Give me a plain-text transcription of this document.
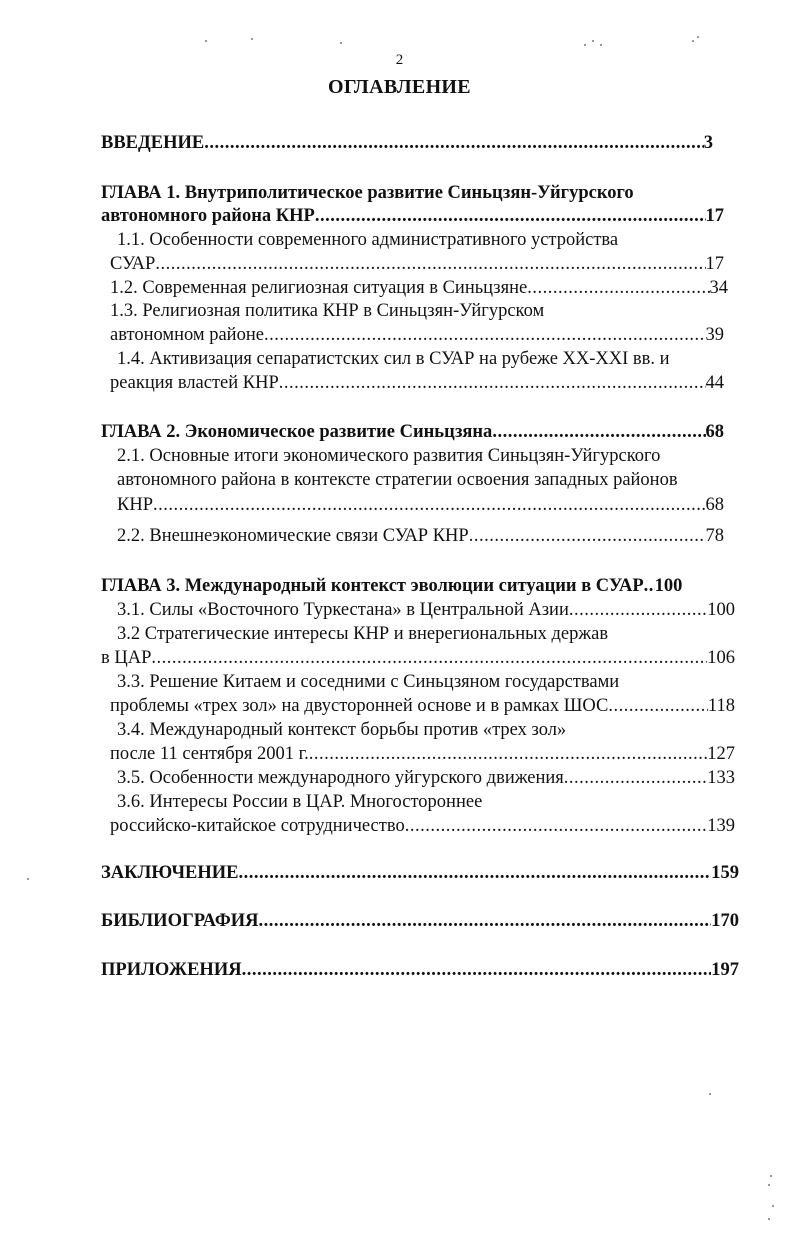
2
ОГЛАВЛЕНИЕ
ВВЕДЕНИЕ .....	3
ГЛАВА 1. Внутриполитическое развитие Синьцзян-Уйгурского
автономного района КНР .....	17
1.1. Особенности современного административного устройства
СУАР .....	17
1.2. Современная религиозная ситуация в Синьцзяне .....	34
1.3. Религиозная политика КНР в Синьцзян-Уйгурском
автономном районе .....	39
1.4. Активизация сепаратистских сил в СУАР на рубеже XX-XXI вв. и
реакция властей КНР .....	44
ГЛАВА 2. Экономическое развитие Синьцзяна .....	68
2.1. Основные итоги экономического развития Синьцзян-Уйгурского
автономного района в контексте стратегии освоения западных районов
КНР .....	68
2.2. Внешнеэкономические связи СУАР КНР .....	78
ГЛАВА 3. Международный контекст эволюции ситуации в СУАР ..... 100
3.1. Силы «Восточного Туркестана» в Центральной Азии .....	100
3.2 Стратегические интересы КНР и внерегиональных держав
в ЦАР .....	106
3.3. Решение Китаем и соседними с Синьцзяном государствами
проблемы «трех зол» на двусторонней основе и в рамках ШОС .....	118
3.4. Международный контекст борьбы против «трех зол»
после 11 сентября 2001 г. .....	127
3.5. Особенности международного уйгурского движения .....	133
3.6. Интересы России в ЦАР. Многостороннее
российско-китайское сотрудничество .....	139
ЗАКЛЮЧЕНИЕ .....	159
БИБЛИОГРАФИЯ .....	170
ПРИЛОЖЕНИЯ .....	197
